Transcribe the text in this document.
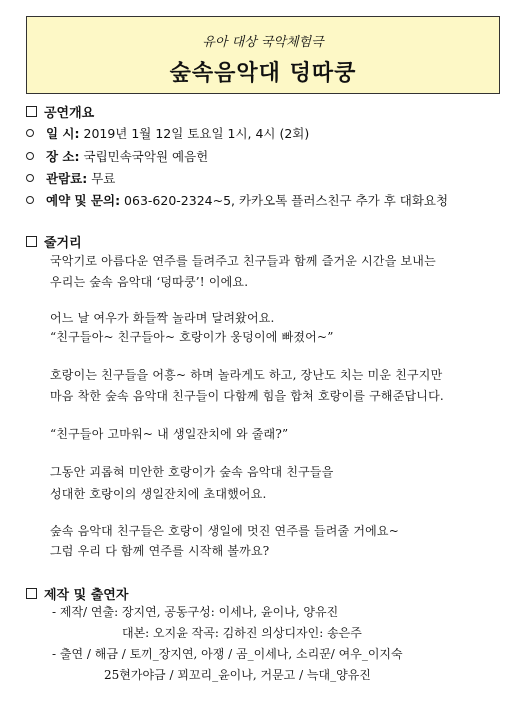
유아 대상 국악체험극
숲속음악대 덩따쿵
공연개요
일 시: 2019년 1월 12일 토요일 1시, 4시 (2회)
장 소: 국립민속국악원 예음헌
관람료: 무료
예약 및 문의: 063-620-2324~5, 카카오톡 플러스친구 추가 후 대화요청
줄거리
국악기로 아름다운 연주를 들려주고 친구들과 함께 즐거운 시간을 보내는
우리는 숲속 음악대 ‘덩따쿵’! 이에요.
어느 날 여우가 화들짝 놀라며 달려왔어요.
“친구들아~ 친구들아~ 호랑이가 웅덩이에 빠졌어~”
호랑이는 친구들을 어흥~ 하며 놀라게도 하고, 장난도 치는 미운 친구지만
마음 착한 숲속 음악대 친구들이 다함께 힘을 합쳐 호랑이를 구해준답니다.
“친구들아 고마워~ 내 생일잔치에 와 줄래?”
그동안 괴롭혀 미안한 호랑이가 숲속 음악대 친구들을
성대한 호랑이의 생일잔치에 초대했어요.
숲속 음악대 친구들은 호랑이 생일에 멋진 연주를 들려줄 거에요~
그럼 우리 다 함께 연주를 시작해 볼까요?
제작 및 출연자
- 제작/ 연출: 장지연, 공동구성: 이세나, 윤이나, 양유진
대본: 오지윤 작곡: 김하진 의상디자인: 송은주
- 출연 / 해금 / 토끼_장지연, 아쟁 / 곰_이세나, 소리꾼/ 여우_이지숙
25현가야금 / 꾀꼬리_윤이나, 거문고 / 늑대_양유진
